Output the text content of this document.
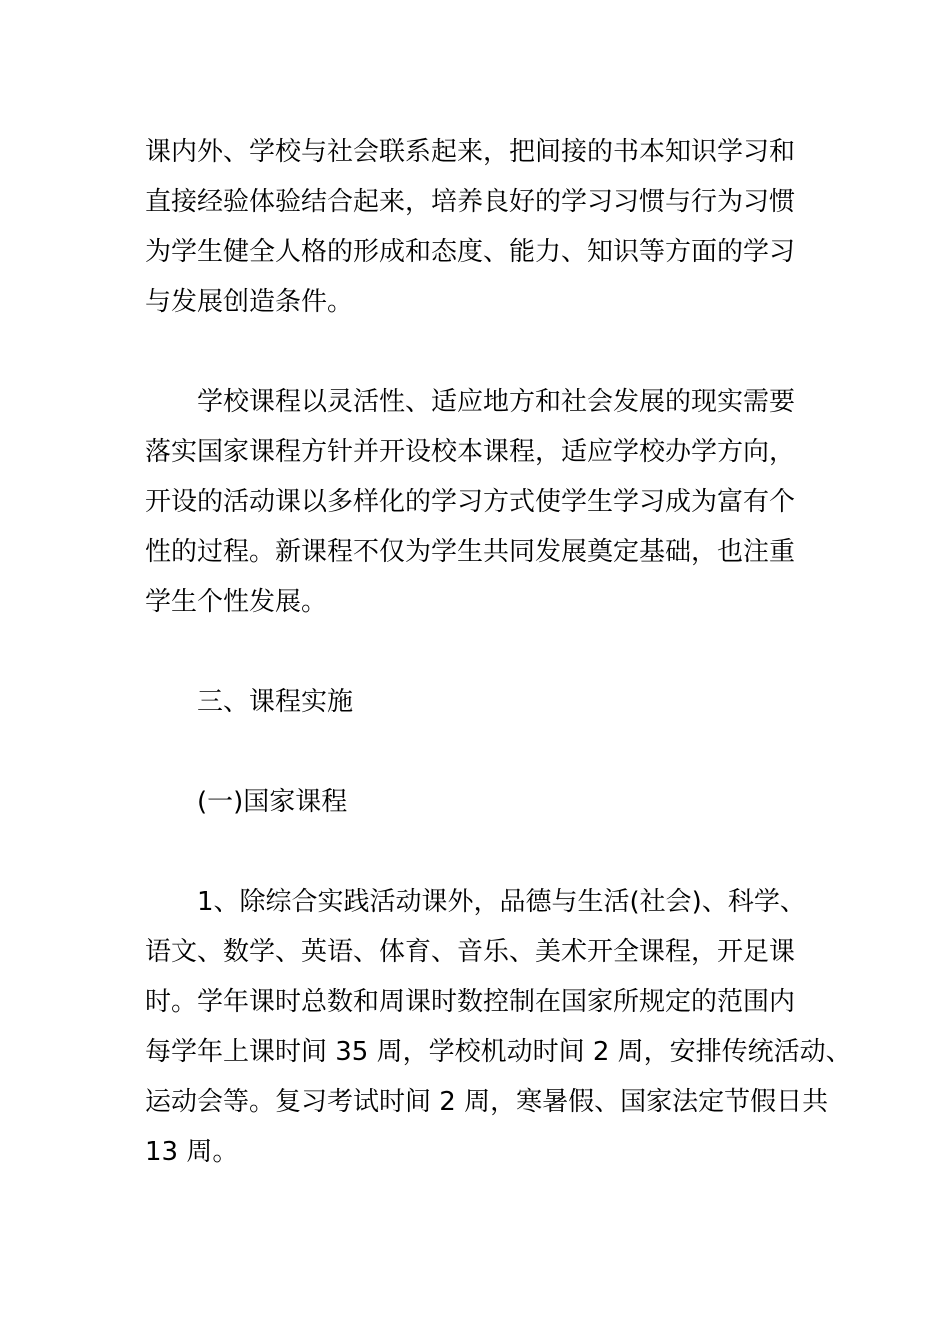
课内外、学校与社会联系起来，把间接的书本知识学习和
直接经验体验结合起来，培养良好的学习习惯与行为习惯
为学生健全人格的形成和态度、能力、知识等方面的学习
与发展创造条件。
学校课程以灵活性、适应地方和社会发展的现实需要
落实国家课程方针并开设校本课程，适应学校办学方向，
开设的活动课以多样化的学习方式使学生学习成为富有个
性的过程。新课程不仅为学生共同发展奠定基础，也注重
学生个性发展。
三、课程实施
(一)国家课程
1、除综合实践活动课外，品德与生活(社会)、科学、
语文、数学、英语、体育、音乐、美术开全课程，开足课
时。学年课时总数和周课时数控制在国家所规定的范围内
每学年上课时间 35 周，学校机动时间 2 周，安排传统活动、
运动会等。复习考试时间 2 周，寒暑假、国家法定节假日共
13 周。
